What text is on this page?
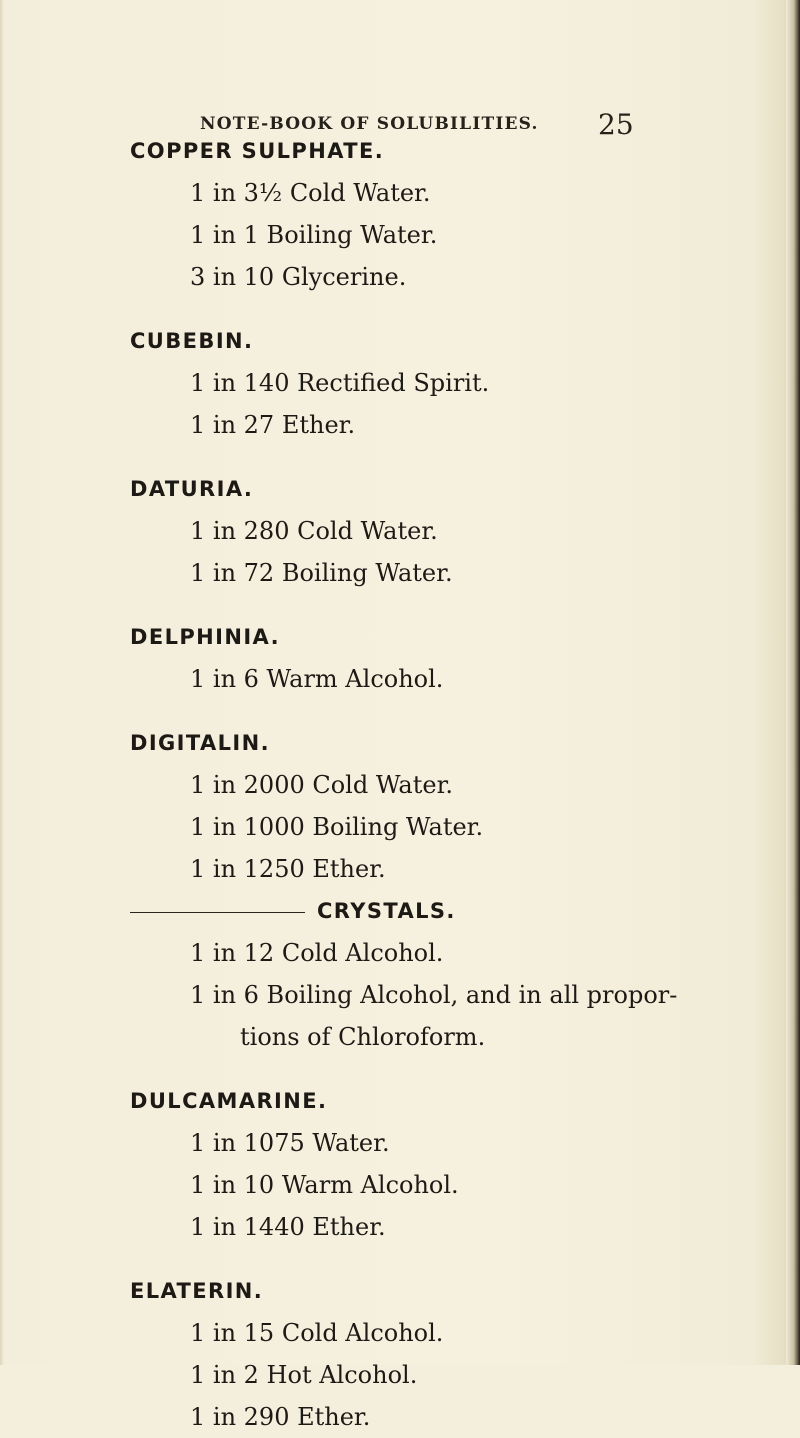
NOTE-BOOK OF SOLUBILITIES. 25
COPPER SULPHATE.
1 in 3½ Cold Water.
1 in 1 Boiling Water.
3 in 10 Glycerine.
CUBEBIN.
1 in 140 Rectified Spirit.
1 in 27 Ether.
DATURIA.
1 in 280 Cold Water.
1 in 72 Boiling Water.
DELPHINIA.
1 in 6 Warm Alcohol.
DIGITALIN.
1 in 2000 Cold Water.
1 in 1000 Boiling Water.
1 in 1250 Ether.
CRYSTALS.
1 in 12 Cold Alcohol.
1 in 6 Boiling Alcohol, and in all propor-
tions of Chloroform.
DULCAMARINE.
1 in 1075 Water.
1 in 10 Warm Alcohol.
1 in 1440 Ether.
ELATERIN.
1 in 15 Cold Alcohol.
1 in 2 Hot Alcohol.
1 in 290 Ether.
